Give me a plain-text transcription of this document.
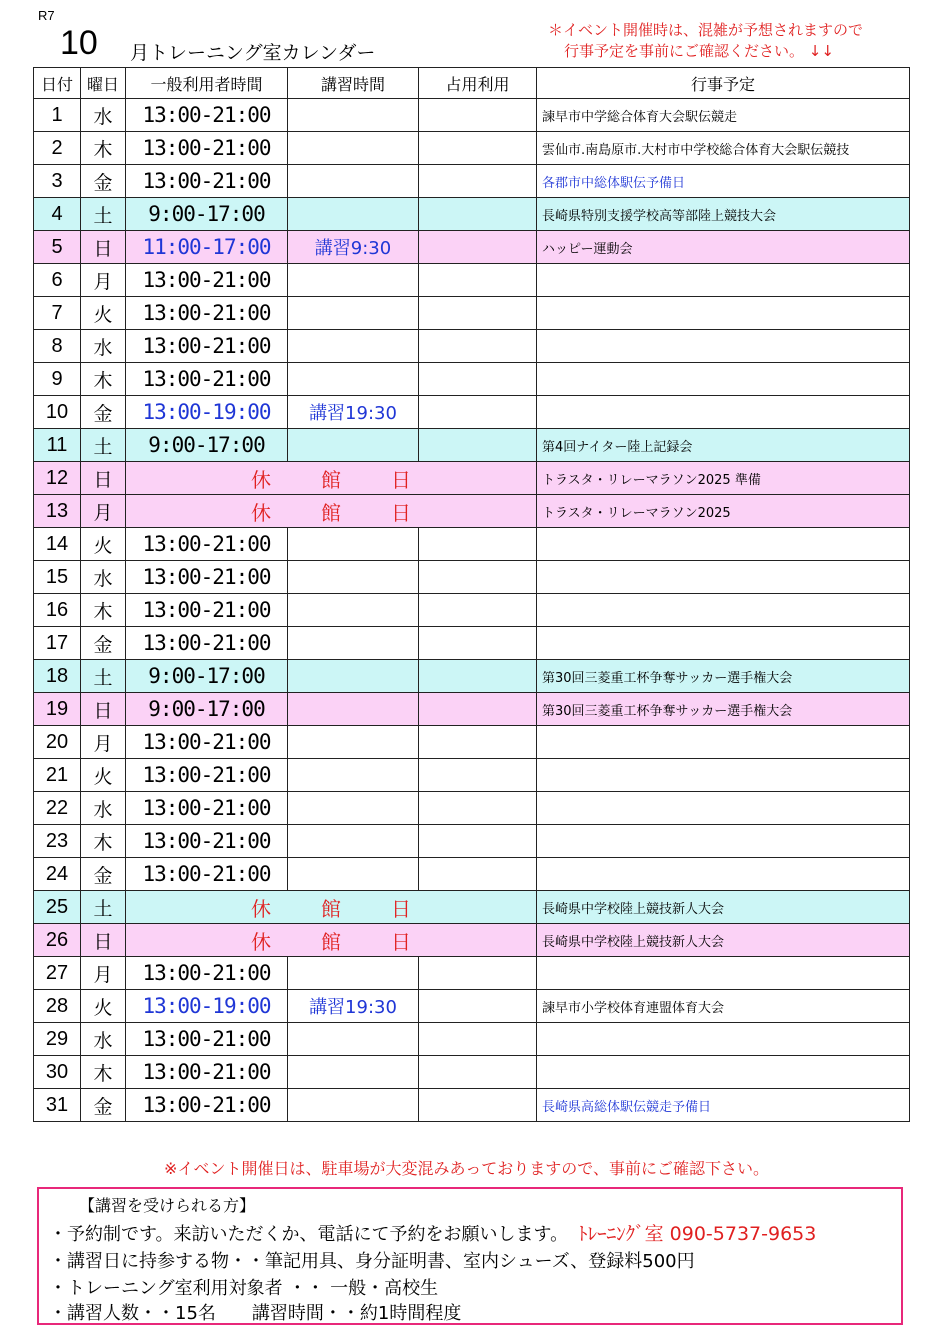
R7
10 月トレーニング室カレンダー
＊イベント開催時は、混雑が予想されますので
行事予定を事前にご確認ください。 ↓↓
日付	曜日	一般利用者時間	講習時間	占用利用	行事予定
1	水	13:00-21:00			諫早市中学総合体育大会駅伝競走
2	木	13:00-21:00			雲仙市.南島原市.大村市中学校総合体育大会駅伝競技
3	金	13:00-21:00			各郡市中総体駅伝予備日
4	土	9:00-17:00			長崎県特別支援学校高等部陸上競技大会
5	日	11:00-17:00	講習9:30		ハッピー運動会
6	月	13:00-21:00			
7	火	13:00-21:00			
8	水	13:00-21:00			
9	木	13:00-21:00			
10	金	13:00-19:00	講習19:30		
11	土	9:00-17:00			第4回ナイター陸上記録会
12	日	休館日			トラスタ・リレーマラソン2025 準備
13	月	休館日			トラスタ・リレーマラソン2025
14	火	13:00-21:00			
15	水	13:00-21:00			
16	木	13:00-21:00			
17	金	13:00-21:00			
18	土	9:00-17:00			第30回三菱重工杯争奪サッカー選手権大会
19	日	9:00-17:00			第30回三菱重工杯争奪サッカー選手権大会
20	月	13:00-21:00			
21	火	13:00-21:00			
22	水	13:00-21:00			
23	木	13:00-21:00			
24	金	13:00-21:00			
25	土	休館日			長崎県中学校陸上競技新人大会
26	日	休館日			長崎県中学校陸上競技新人大会
27	月	13:00-21:00			
28	火	13:00-19:00	講習19:30		諫早市小学校体育連盟体育大会
29	水	13:00-21:00			
30	木	13:00-21:00			
31	金	13:00-21:00			長崎県高総体駅伝競走予備日
※イベント開催日は、駐車場が大変混みあっておりますので、事前にご確認下さい。
【講習を受けられる方】
・予約制です。来訪いただくか、電話にて予約をお願いします。 ﾄﾚｰﾆﾝｸﾞ室 090-5737-9653
・講習日に持参する物・・筆記用具、身分証明書、室内シューズ、登録料500円
・トレーニング室利用対象者 ・・ 一般・高校生
・講習人数・・15名　　講習時間・・約1時間程度
